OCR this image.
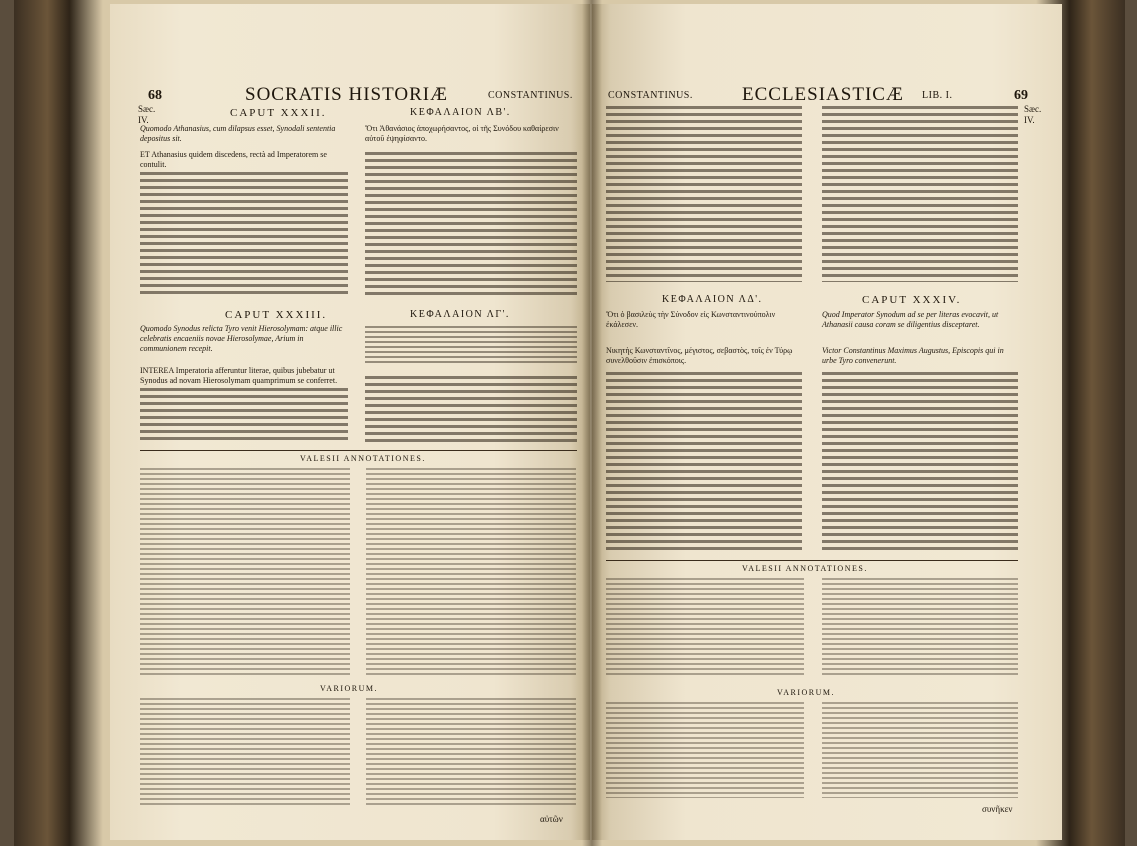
68	SOCRATIS HISTORIÆ	CONSTANTINUS.
Sæc. IV.
CAPUT XXXII.	ΚΕΦΑΛΑΙΟΝ ΛΒ'.
Quomodo Athanasius, cum dilapsus esset, Synodali sententia depositus sit.
Ὅτι Ἀθανάσιος ἀποχωρήσαντος, οἱ τῆς Συνόδου καθαίρεσιν αὐτοῦ ἐψηφίσαντο.
ET Athanasius quidem discedens, rectà ad Imperatorem se contulit.
CAPUT XXXIII.	ΚΕΦΑΛΑΙΟΝ ΛΓ'.
Quomodo Synodus relicta Tyro venit Hierosolymam: atque illic celebratis encaeniis novae Hierosolymae, Arium in communionem recepit.
INTEREA Imperatoria afferuntur literae, quibus jubebatur ut Synodus ad novam Hierosolymam quamprimum se conferret.
VALESII ANNOTATIONES.
VARIORUM.
αὐτῶν
CONSTANTINUS.	ECCLESIASTICÆ LIB. I.	69
Sæc. IV.
ΚΕΦΑΛΑΙΟΝ ΛΔ'.	CAPUT XXXIV.
Ὅτι ὁ βασιλεὺς τὴν Σύνοδον εἰς Κωνσταντινούπολιν ἐκάλεσεν.
Quod Imperator Synodum ad se per literas evocavit, ut Athanasii causa coram se diligentius disceptaret.
Νικητὴς Κωνσταντῖνος, μέγιστος, σεβαστὸς, τοῖς ἐν Τύρῳ συνελθοῦσιν ἐπισκόποις.
Victor Constantinus Maximus Augustus, Episcopis qui in urbe Tyro convenerunt.
VALESII ANNOTATIONES.
VARIORUM.
συνῆκεν
